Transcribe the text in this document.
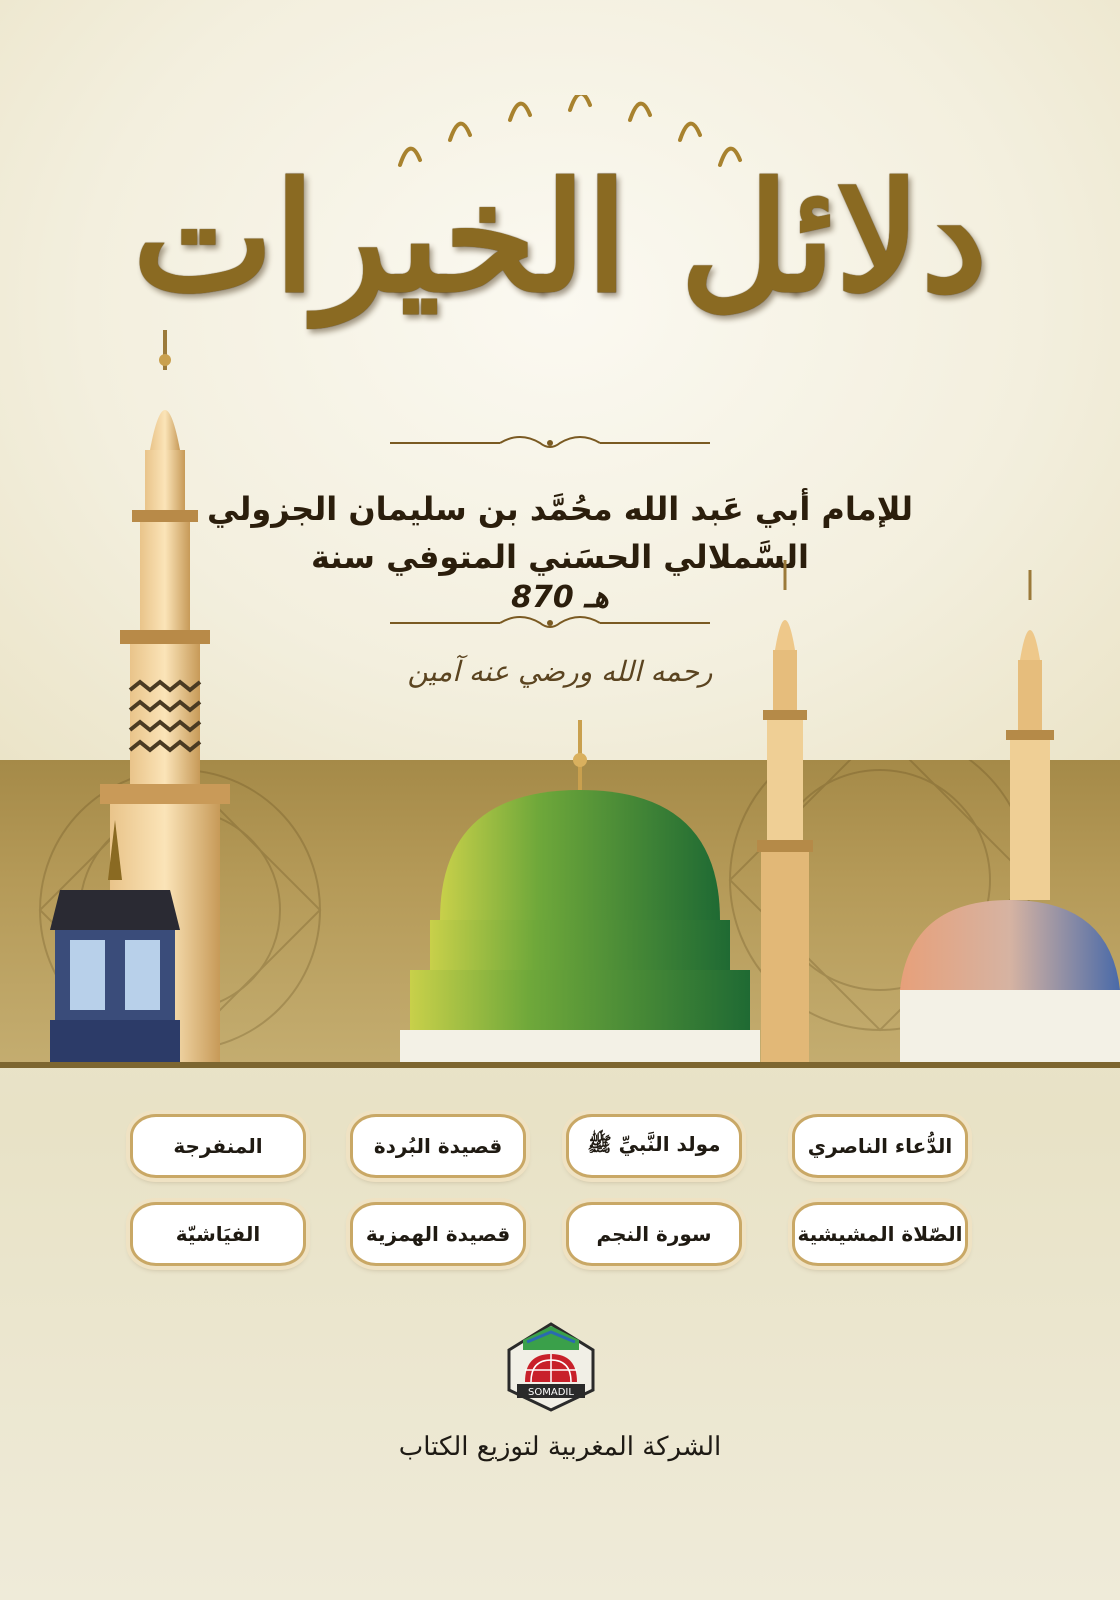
دلائل الخيرات
للإمام أبي عَبد الله محُمَّد بن سليمان الجزولي
السَّملالي الحسَني المتوفي سنة
870 هـ
رحمه الله ورضي عنه آمين
الدُّعاء الناصري
مولد النَّبيِّ ﷺ
قصيدة البُردة
المنفرجة
الصّلاة المشيشية
سورة النجم
قصيدة الهمزية
الفيَاشيّة
SOMADIL
الشركة المغربية لتوزيع الكتاب
